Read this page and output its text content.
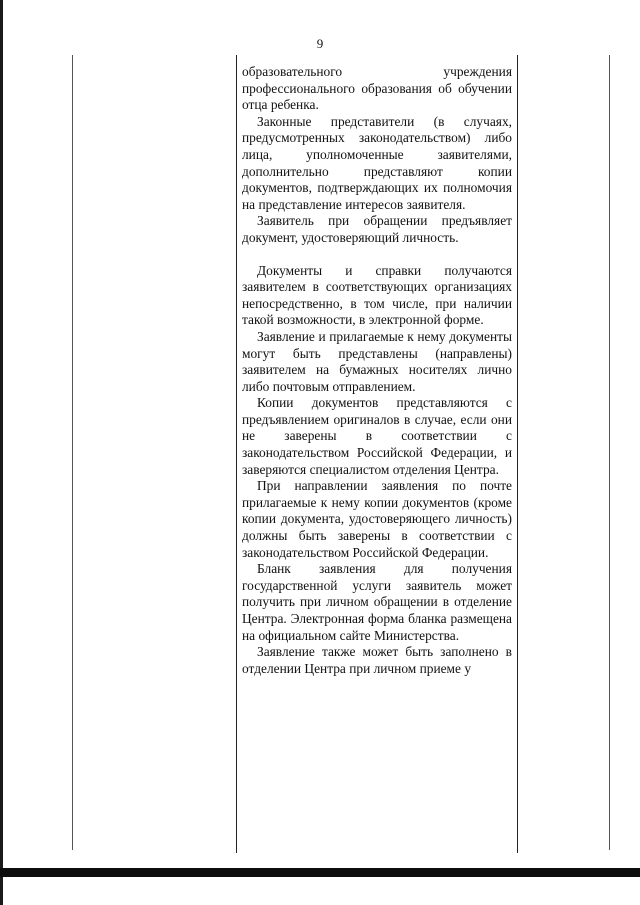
9

образовательного учреждения профессионального образования об обучении отца ребенка.

Законные представители (в случаях, предусмотренных законодательством) либо лица, уполномоченные заявителями, дополнительно представляют копии документов, подтверждающих их полномочия на представление интересов заявителя.

Заявитель при обращении предъявляет документ, удостоверяющий личность.

Документы и справки получаются заявителем в соответствующих организациях непосредственно, в том числе, при наличии такой возможности, в электронной форме.

Заявление и прилагаемые к нему документы могут быть представлены (направлены) заявителем на бумажных носителях лично либо почтовым отправлением.

Копии документов представляются с предъявлением оригиналов в случае, если они не заверены в соответствии с законодательством Российской Федерации, и заверяются специалистом отделения Центра.

При направлении заявления по почте прилагаемые к нему копии документов (кроме копии документа, удостоверяющего личность) должны быть заверены в соответствии с законодательством Российской Федерации.

Бланк заявления для получения государственной услуги заявитель может получить при личном обращении в отделение Центра. Электронная форма бланка размещена на официальном сайте Министерства.

Заявление также может быть заполнено в отделении Центра при личном приеме у
